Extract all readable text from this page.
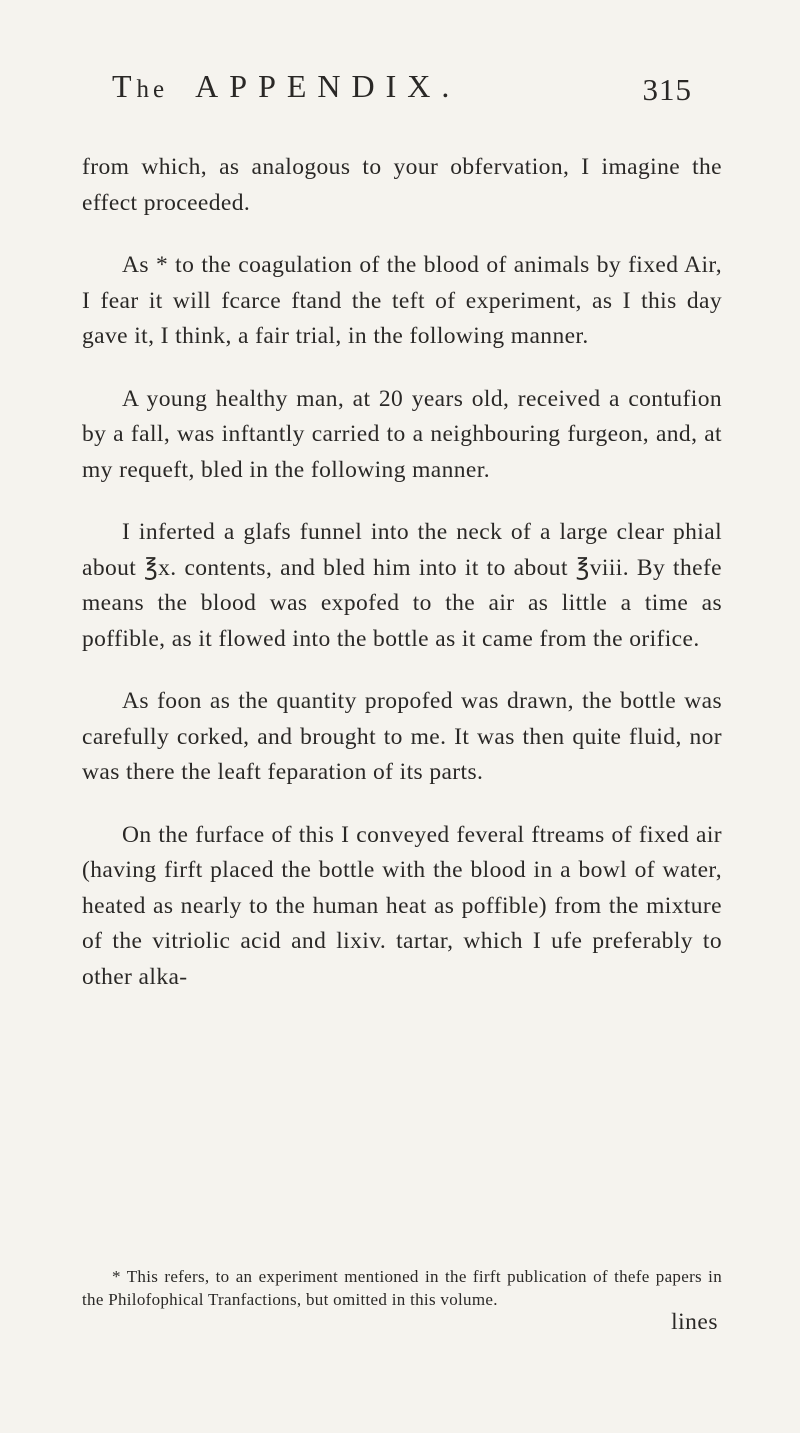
The APPENDIX.	315

from which, as analogous to your obfervation, I imagine the effect proceeded.

As * to the coagulation of the blood of animals by fixed Air, I fear it will fcarce ftand the teft of experiment, as I this day gave it, I think, a fair trial, in the following manner.

A young healthy man, at 20 years old, received a contufion by a fall, was inftantly carried to a neighbouring furgeon, and, at my requeft, bled in the following manner.

I inferted a glafs funnel into the neck of a large clear phial about ℥x. contents, and bled him into it to about ℥viii. By thefe means the blood was expofed to the air as little a time as poffible, as it flowed into the bottle as it came from the orifice.

As foon as the quantity propofed was drawn, the bottle was carefully corked, and brought to me. It was then quite fluid, nor was there the leaft feparation of its parts.

On the furface of this I conveyed feveral ftreams of fixed air (having firft placed the bottle with the blood in a bowl of water, heated as nearly to the human heat as poffible) from the mixture of the vitriolic acid and lixiv. tartar, which I ufe preferably to other alka-

* This refers, to an experiment mentioned in the firft publication of thefe papers in the Philofophical Tranfactions, but omitted in this volume.
lines
